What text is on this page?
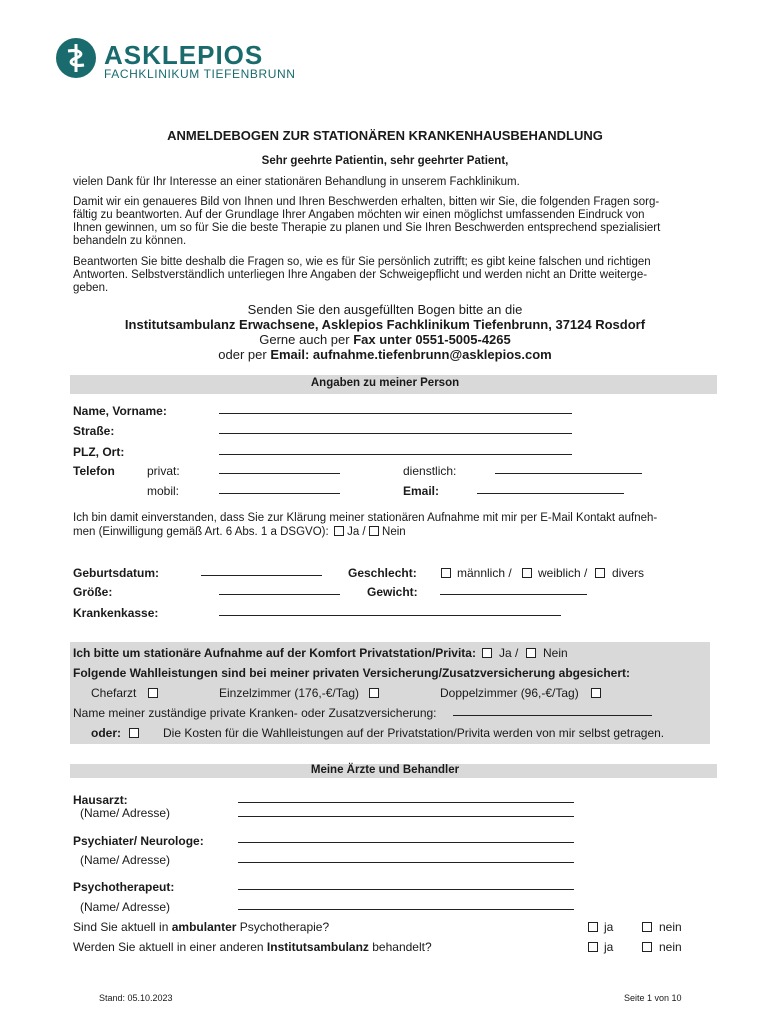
ASKLEPIOS
FACHKLINIKUM TIEFENBRUNN
ANMELDEBOGEN ZUR STATIONÄREN KRANKENHAUSBEHANDLUNG
Sehr geehrte Patientin, sehr geehrter Patient,
vielen Dank für Ihr Interesse an einer stationären Behandlung in unserem Fachklinikum.
Damit wir ein genaueres Bild von Ihnen und Ihren Beschwerden erhalten, bitten wir Sie, die folgenden Fragen sorg-
fältig zu beantworten. Auf der Grundlage Ihrer Angaben möchten wir einen möglichst umfassenden Eindruck von
Ihnen gewinnen, um so für Sie die beste Therapie zu planen und Sie Ihren Beschwerden entsprechend spezialisiert
behandeln zu können.
Beantworten Sie bitte deshalb die Fragen so, wie es für Sie persönlich zutrifft; es gibt keine falschen und richtigen
Antworten. Selbstverständlich unterliegen Ihre Angaben der Schweigepflicht und werden nicht an Dritte weiterge-
geben.
Senden Sie den ausgefüllten Bogen bitte an die
Institutsambulanz Erwachsene, Asklepios Fachklinikum Tiefenbrunn, 37124 Rosdorf
Gerne auch per Fax unter 0551-5005-4265
oder per Email: aufnahme.tiefenbrunn@asklepios.com
Angaben zu meiner Person
Name, Vorname:
Straße:
PLZ, Ort:
Telefon	privat:	dienstlich:
mobil:	Email:
Ich bin damit einverstanden, dass Sie zur Klärung meiner stationären Aufnahme mit mir per E-Mail Kontakt aufneh-
men (Einwilligung gemäß Art. 6 Abs. 1 a DSGVO): Ja / Nein
Geburtsdatum:	Geschlecht:	männlich / weiblich / divers
Größe:	Gewicht:
Krankenkasse:
Ich bitte um stationäre Aufnahme auf der Komfort Privatstation/Privita: Ja / Nein
Folgende Wahlleistungen sind bei meiner privaten Versicherung/Zusatzversicherung abgesichert:
Chefarzt	Einzelzimmer (176,-€/Tag)	Doppelzimmer (96,-€/Tag)
Name meiner zuständige private Kranken- oder Zusatzversicherung:
oder:	Die Kosten für die Wahlleistungen auf der Privatstation/Privita werden von mir selbst getragen.
Meine Ärzte und Behandler
Hausarzt:
(Name/ Adresse)
Psychiater/ Neurologe:
(Name/ Adresse)
Psychotherapeut:
(Name/ Adresse)
Sind Sie aktuell in ambulanter Psychotherapie?	ja	nein
Werden Sie aktuell in einer anderen Institutsambulanz behandelt?	ja	nein
Stand: 05.10.2023	Seite 1 von 10
